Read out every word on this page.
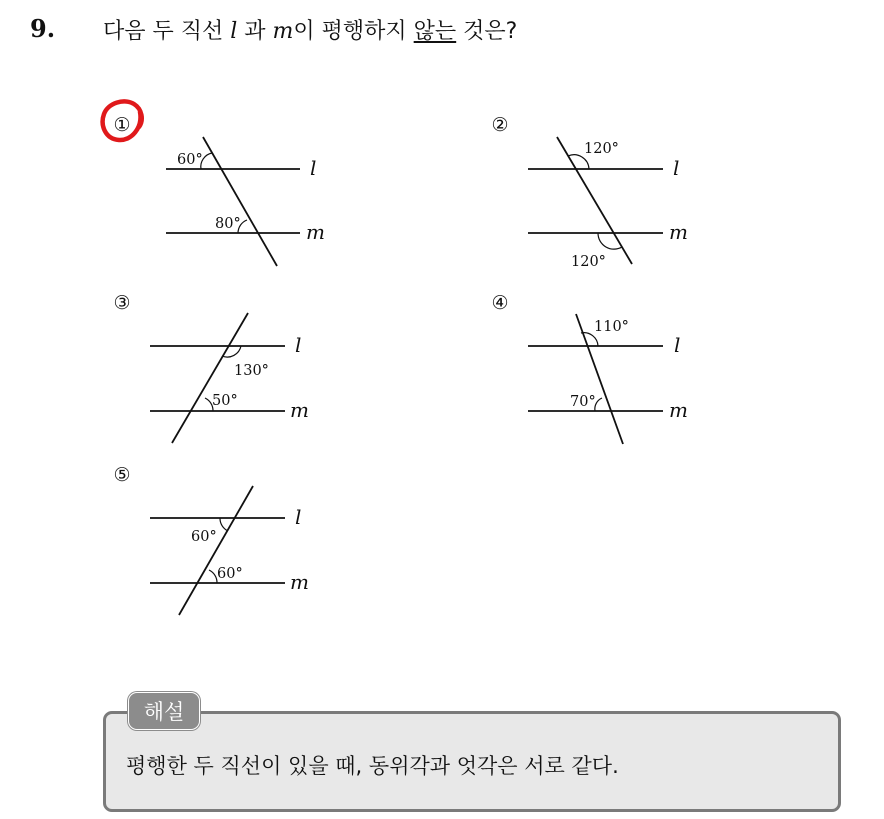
9. 다음 두 직선 l 과 m이 평행하지 않는 것은?
①
60°
80°
l
m
②
120°
120°
l
m
③
130°
50°
l
m
④
110°
70°
l
m
⑤
60°
60°
l
m
해설
평행한 두 직선이 있을 때, 동위각과 엇각은 서로 같다.
